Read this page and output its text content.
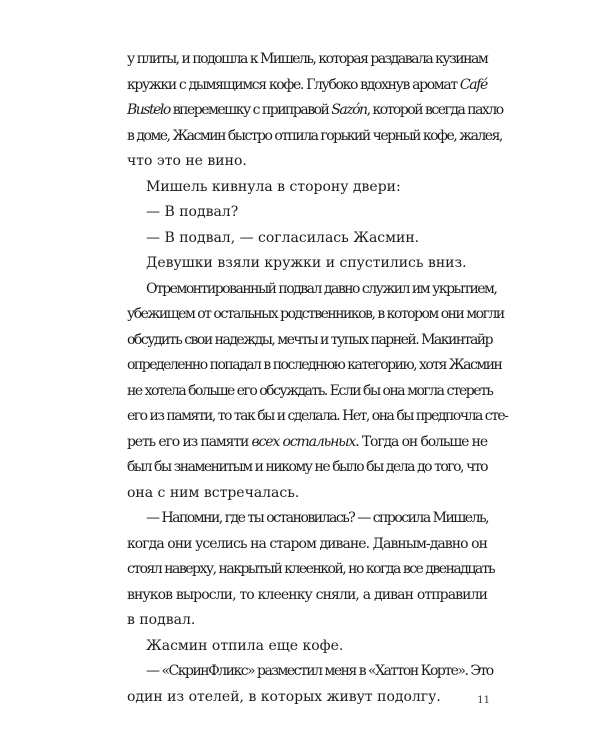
у плиты, и подошла к Мишель, которая раздавала кузинам
кружки с дымящимся кофе. Глубоко вдохнув аромат Café
Bustelo вперемешку с приправой Sazón, которой всегда пахло
в доме, Жасмин быстро отпила горький черный кофе, жалея,
что это не вино.
Мишель кивнула в сторону двери:
— В подвал?
— В подвал, — согласилась Жасмин.
Девушки взяли кружки и спустились вниз.
Отремонтированный подвал давно служил им укрытием,
убежищем от остальных родственников, в котором они могли
обсудить свои надежды, мечты и тупых парней. Макинтайр
определенно попадал в последнюю категорию, хотя Жасмин
не хотела больше его обсуждать. Если бы она могла стереть
его из памяти, то так бы и сделала. Нет, она бы предпочла сте-
реть его из памяти всех остальных. Тогда он больше не
был бы знаменитым и никому не было бы дела до того, что
она с ним встречалась.
— Напомни, где ты остановилась? — спросила Мишель,
когда они уселись на старом диване. Давным-давно он
стоял наверху, накрытый клеенкой, но когда все двенадцать
внуков выросли, то клеенку сняли, а диван отправили
в подвал.
Жасмин отпила еще кофе.
— «СкринФликс» разместил меня в «Хаттон Корте». Это
один из отелей, в которых живут подолгу.	11
